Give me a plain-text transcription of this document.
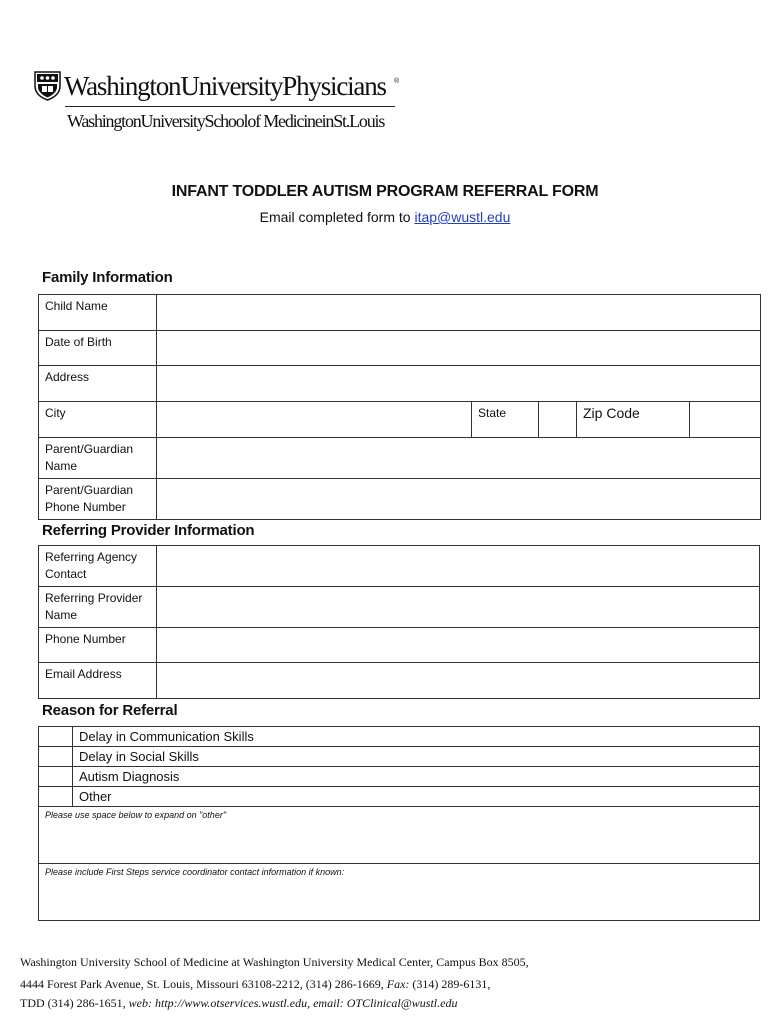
WashingtonUniversityPhysicians ®
WashingtonUniversitySchoolof MedicineinSt.Louis
INFANT TODDLER AUTISM PROGRAM REFERRAL FORM
Email completed form to itap@wustl.edu
Family Information
Child Name					
Date of Birth					
Address					
City		State		Zip Code	
Parent/Guardian Name					
Parent/Guardian Phone Number					
Referring Provider Information
Referring Agency Contact	
Referring Provider Name	
Phone Number	
Email Address	
Reason for Referral
	Delay in Communication Skills
	Delay in Social Skills
	Autism Diagnosis
	Other
Please use space below to expand on "other"	
Please include First Steps service coordinator contact information if known:	
Washington University School of Medicine at Washington University Medical Center, Campus Box 8505,
4444 Forest Park Avenue, St. Louis, Missouri 63108-2212, (314) 286-1669, Fax: (314) 289-6131,
TDD (314) 286-1651, web: http://www.otservices.wustl.edu, email: OTClinical@wustl.edu
